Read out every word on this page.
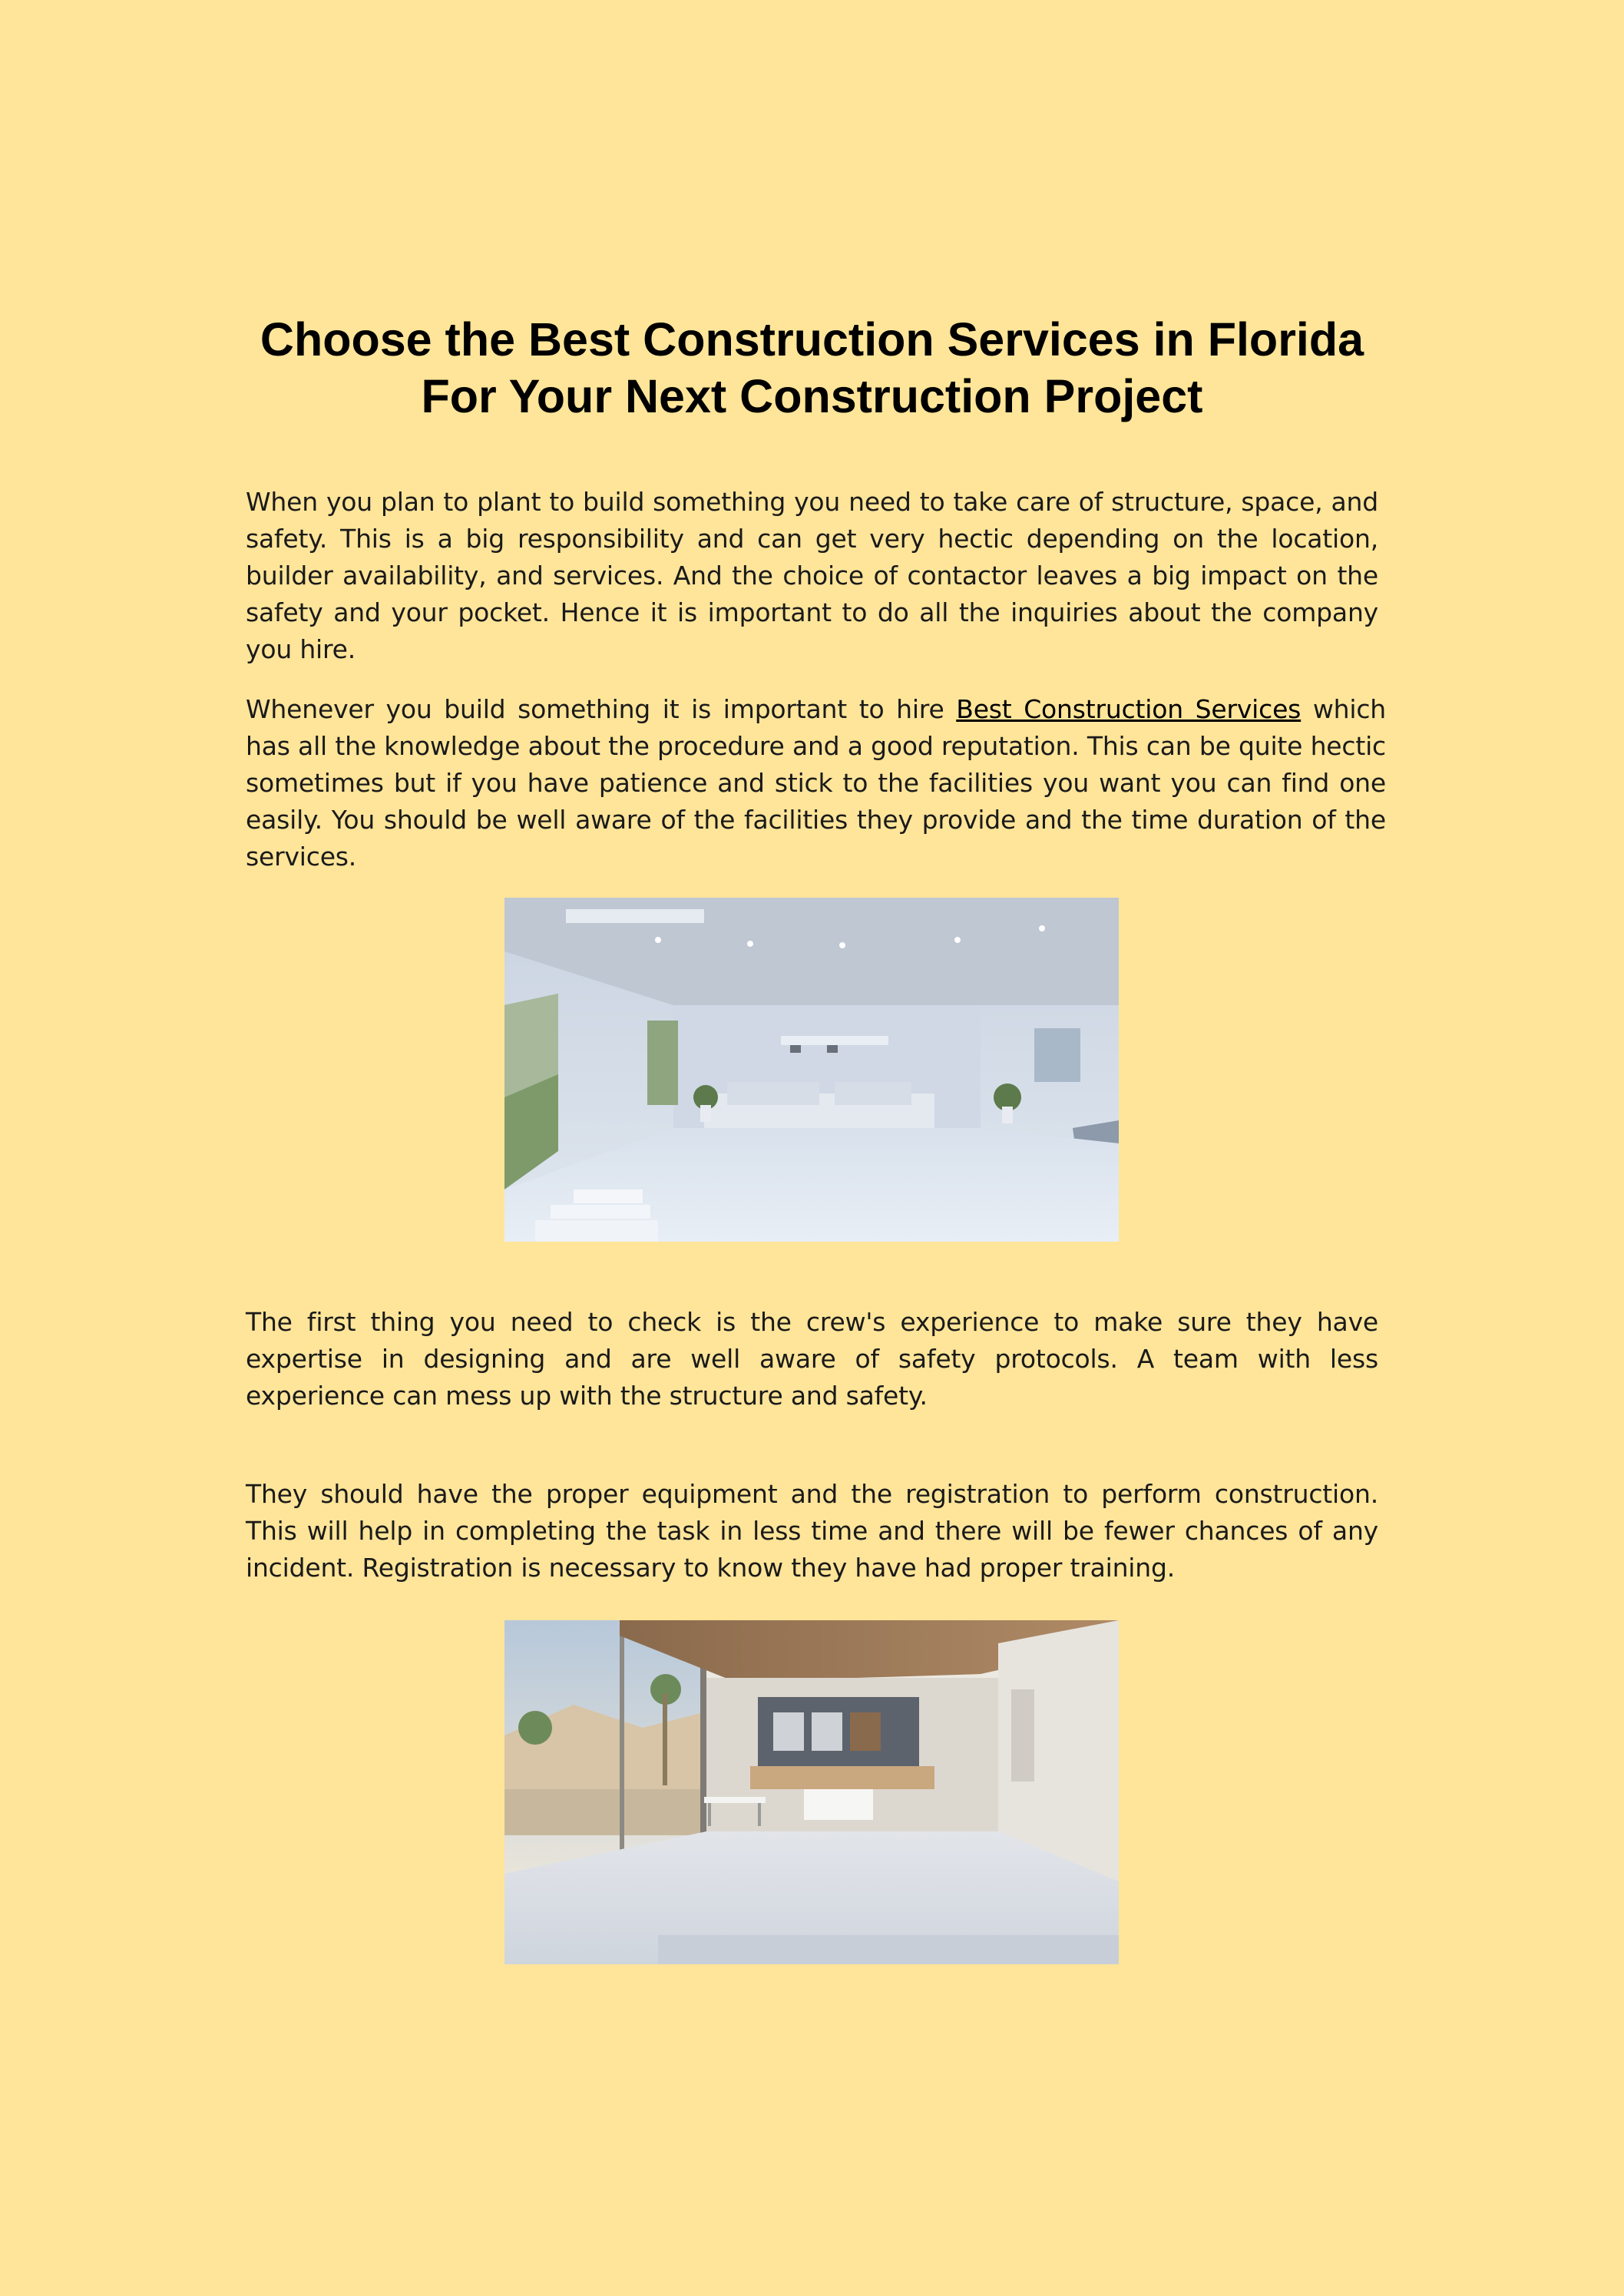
Choose the Best Construction Services in Florida For Your Next Construction Project

When you plan to plant to build something you need to take care of structure, space, and safety. This is a big responsibility and can get very hectic depending on the location, builder availability, and services. And the choice of contactor leaves a big impact on the safety and your pocket. Hence it is important to do all the inquiries about the company you hire.

Whenever you build something it is important to hire Best Construction Services which has all the knowledge about the procedure and a good reputation. This can be quite hectic sometimes but if you have patience and stick to the facilities you want you can find one easily. You should be well aware of the facilities they provide and the time duration of the services.

The first thing you need to check is the crew's experience to make sure they have expertise in designing and are well aware of safety protocols. A team with less experience can mess up with the structure and safety.

They should have the proper equipment and the registration to perform construction. This will help in completing the task in less time and there will be fewer chances of any incident. Registration is necessary to know they have had proper training.
